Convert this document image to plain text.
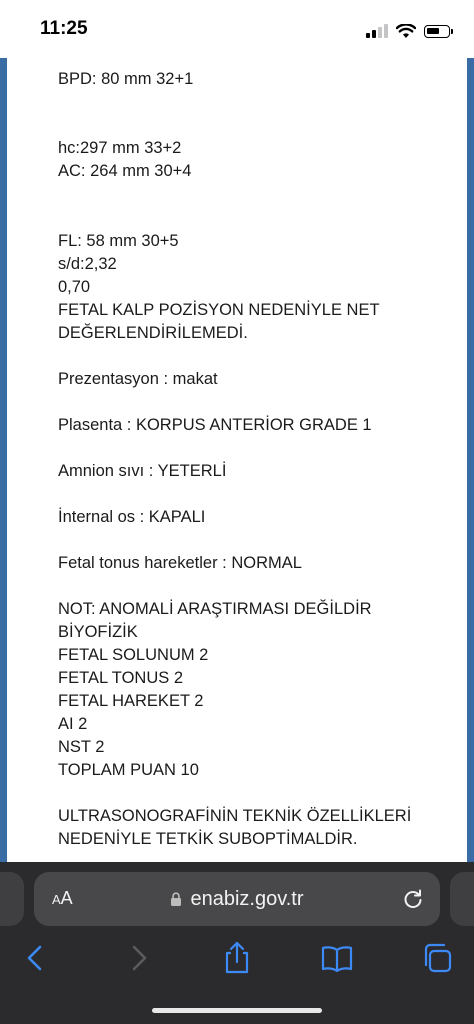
11:25
BPD: 80 mm 32+1
hc:297 mm 33+2
AC: 264 mm 30+4
FL: 58 mm 30+5
s/d:2,32
0,70
FETAL KALP POZİSYON NEDENİYLE NET
DEĞERLENDİRİLEMEDİ.
Prezentasyon : makat
Plasenta : KORPUS ANTERİOR GRADE 1
Amnion sıvı : YETERLİ
İnternal os : KAPALI
Fetal tonus hareketler : NORMAL
NOT: ANOMALİ ARAŞTIRMASI DEĞİLDİR
BİYOFİZİK
FETAL SOLUNUM 2
FETAL TONUS 2
FETAL HAREKET 2
AI 2
NST 2
TOPLAM PUAN 10
ULTRASONOGRAFİNİN TEKNİK ÖZELLİKLERİ
NEDENİYLE TETKİK SUBOPTİMALDİR.
AA	enabiz.gov.tr
